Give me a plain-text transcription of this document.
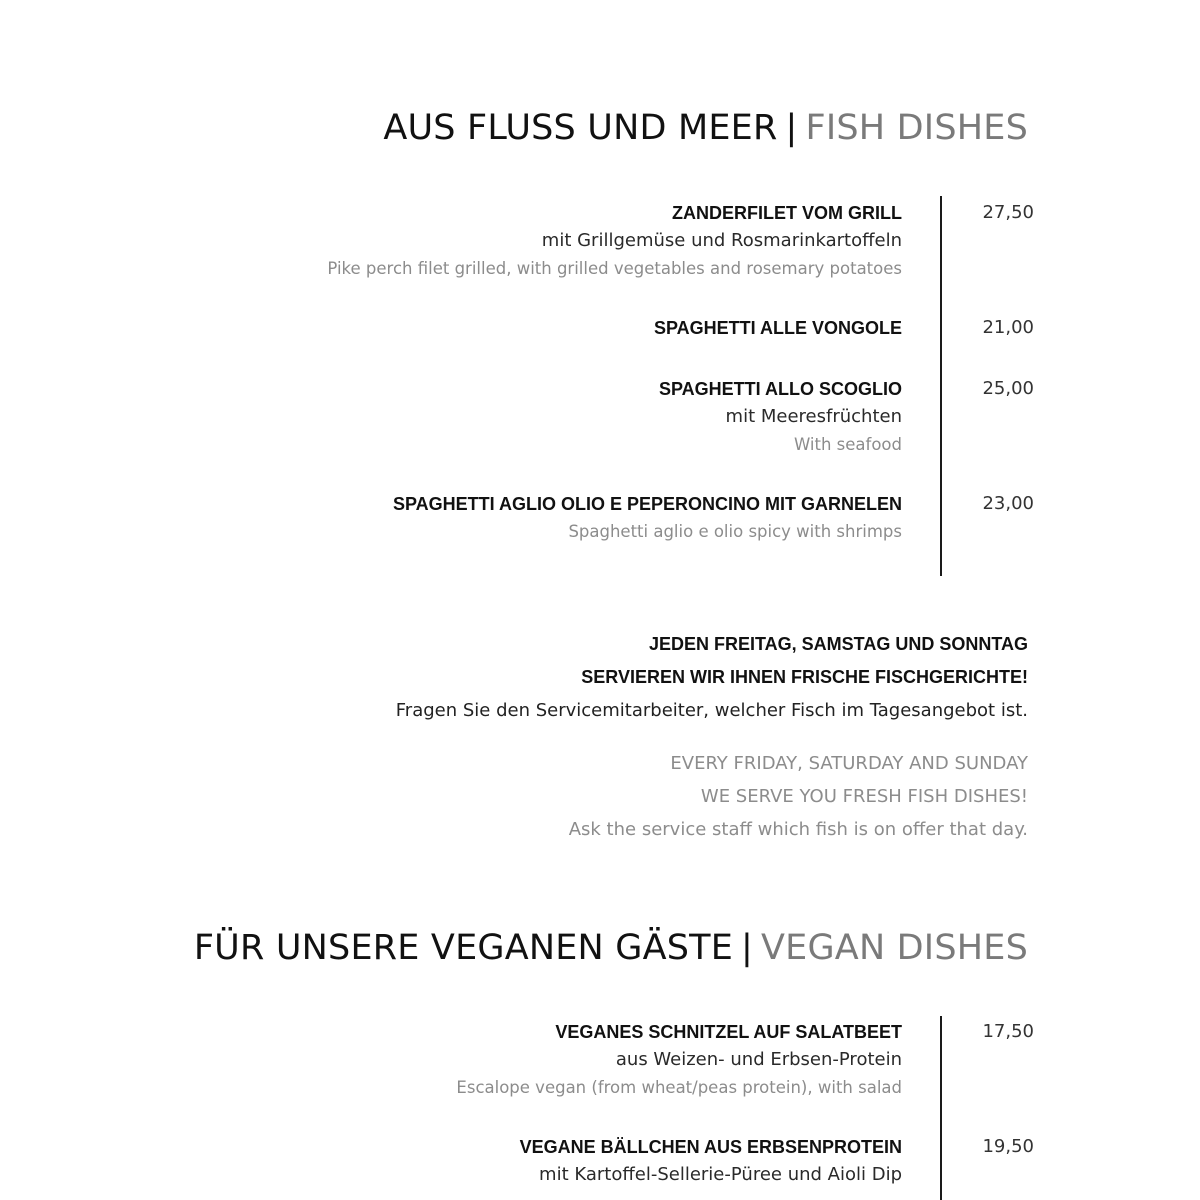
AUS FLUSS UND MEER | FISH DISHES
ZANDERFILET VOM GRILL
mit Grillgemüse und Rosmarinkartoffeln
Pike perch filet grilled, with grilled vegetables and rosemary potatoes
27,50
SPAGHETTI ALLE VONGOLE	21,00
SPAGHETTI ALLO SCOGLIO
mit Meeresfrüchten
With seafood
25,00
SPAGHETTI AGLIO OLIO E PEPERONCINO MIT GARNELEN
Spaghetti aglio e olio spicy with shrimps
23,00
JEDEN FREITAG, SAMSTAG UND SONNTAG
SERVIEREN WIR IHNEN FRISCHE FISCHGERICHTE!
Fragen Sie den Servicemitarbeiter, welcher Fisch im Tagesangebot ist.
EVERY FRIDAY, SATURDAY AND SUNDAY
WE SERVE YOU FRESH FISH DISHES!
Ask the service staff which fish is on offer that day.
FÜR UNSERE VEGANEN GÄSTE | VEGAN DISHES
VEGANES SCHNITZEL AUF SALATBEET
aus Weizen- und Erbsen-Protein
Escalope vegan (from wheat/peas protein), with salad
17,50
VEGANE BÄLLCHEN AUS ERBSENPROTEIN
mit Kartoffel-Sellerie-Püree und Aioli Dip
19,50
